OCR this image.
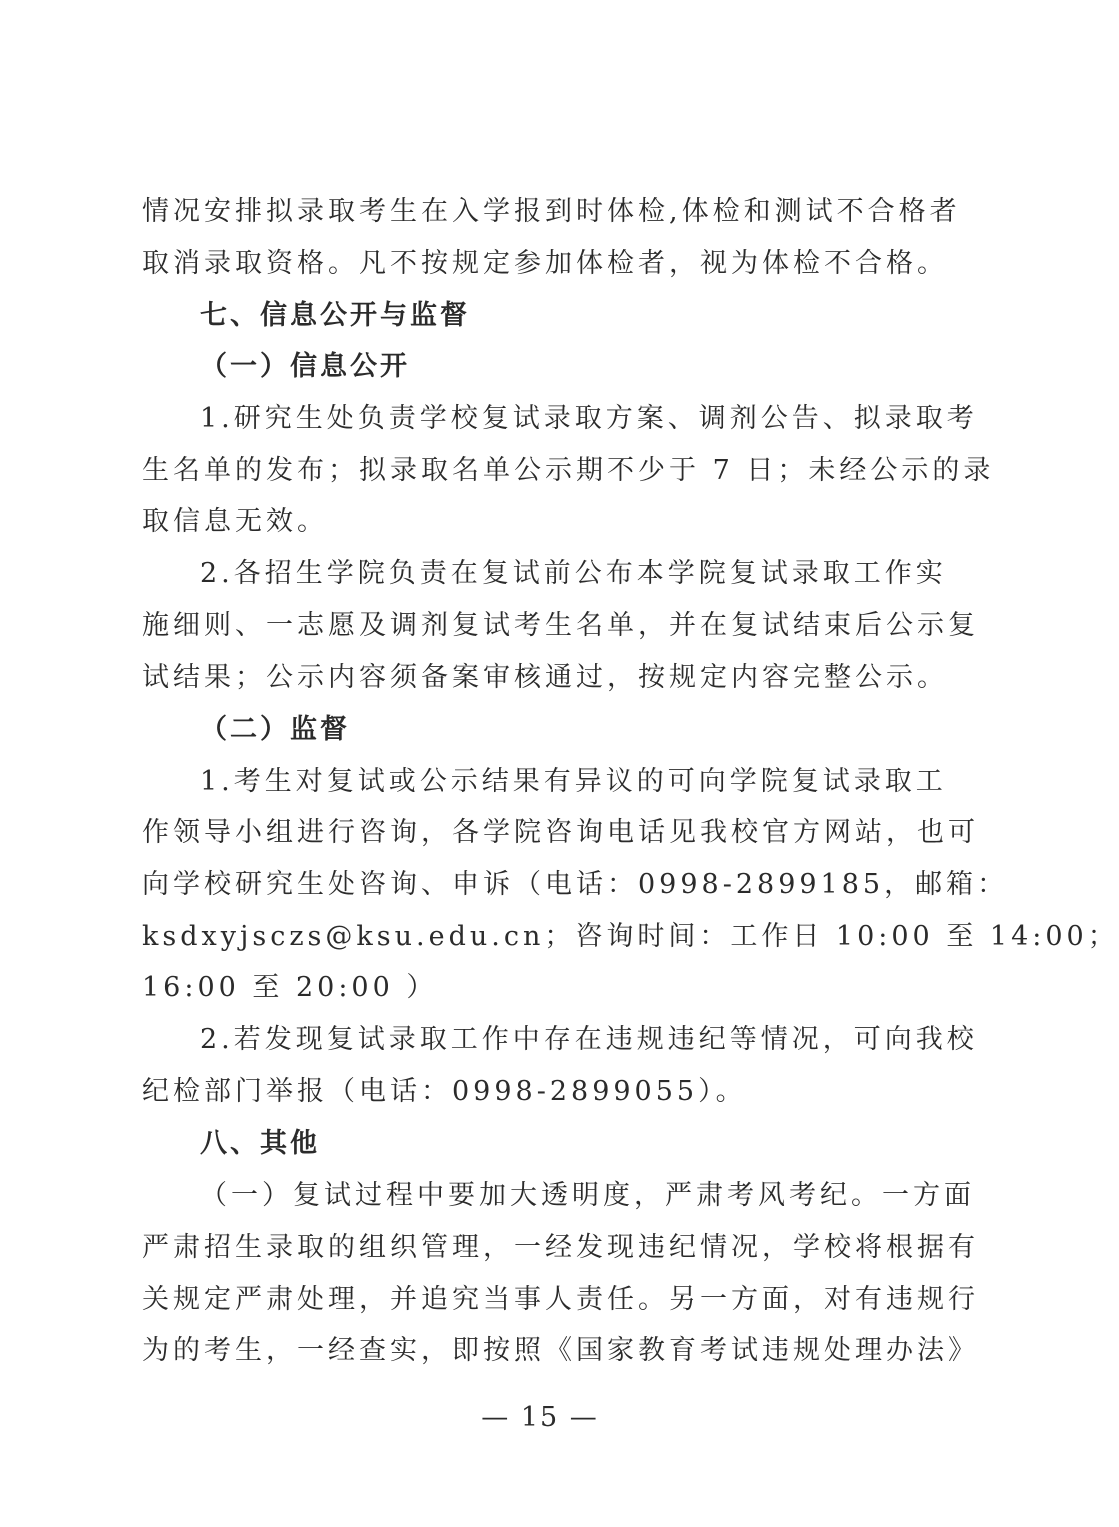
情况安排拟录取考生在入学报到时体检,体检和测试不合格者
取消录取资格。凡不按规定参加体检者，视为体检不合格。
七、信息公开与监督
（一）信息公开
1.研究生处负责学校复试录取方案、调剂公告、拟录取考
生名单的发布；拟录取名单公示期不少于 7 日；未经公示的录
取信息无效。
2.各招生学院负责在复试前公布本学院复试录取工作实
施细则、一志愿及调剂复试考生名单，并在复试结束后公示复
试结果；公示内容须备案审核通过，按规定内容完整公示。
（二）监督
1.考生对复试或公示结果有异议的可向学院复试录取工
作领导小组进行咨询，各学院咨询电话见我校官方网站，也可
向学校研究生处咨询、申诉（电话：0998-2899185，邮箱：
ksdxyjsczs@ksu.edu.cn；咨询时间：工作日 10:00 至 14:00；
16:00 至 20:00 ）
2.若发现复试录取工作中存在违规违纪等情况，可向我校
纪检部门举报（电话：0998-2899055）。
八、其他
（一）复试过程中要加大透明度，严肃考风考纪。一方面
严肃招生录取的组织管理，一经发现违纪情况，学校将根据有
关规定严肃处理，并追究当事人责任。另一方面，对有违规行
为的考生，一经查实，即按照《国家教育考试违规处理办法》
— 15 —
